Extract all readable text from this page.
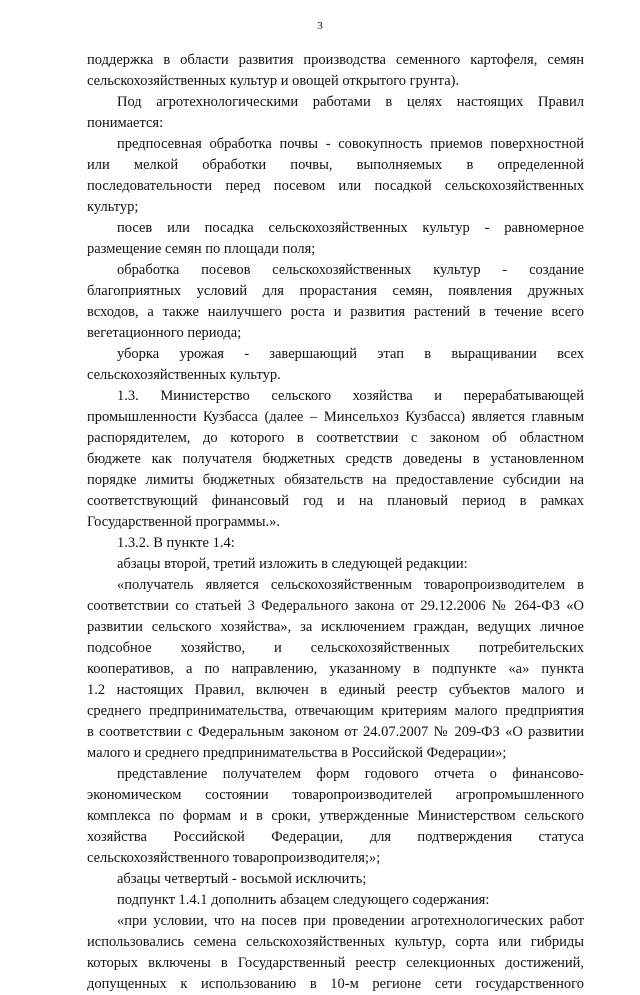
3
поддержка в области развития производства семенного картофеля, семян
сельскохозяйственных культур и овощей открытого грунта).
Под агротехнологическими работами в целях настоящих Правил
понимается:
предпосевная обработка почвы - совокупность приемов поверхностной
или мелкой обработки почвы, выполняемых в определенной
последовательности перед посевом или посадкой сельскохозяйственных
культур;
посев или посадка сельскохозяйственных культур - равномерное
размещение семян по площади поля;
обработка посевов сельскохозяйственных культур - создание
благоприятных условий для прорастания семян, появления дружных
всходов, а также наилучшего роста и развития растений в течение всего
вегетационного периода;
уборка урожая - завершающий этап в выращивании всех
сельскохозяйственных культур.
1.3. Министерство сельского хозяйства и перерабатывающей
промышленности Кузбасса (далее – Минсельхоз Кузбасса) является главным
распорядителем, до которого в соответствии с законом об областном
бюджете как получателя бюджетных средств доведены в установленном
порядке лимиты бюджетных обязательств на предоставление субсидии на
соответствующий финансовый год и на плановый период в рамках
Государственной программы.».
1.3.2. В пункте 1.4:
абзацы второй, третий изложить в следующей редакции:
«получатель является сельскохозяйственным товаропроизводителем в
соответствии со статьей 3 Федерального закона от 29.12.2006 № 264-ФЗ «О
развитии сельского хозяйства», за исключением граждан, ведущих личное
подсобное хозяйство, и сельскохозяйственных потребительских
кооперативов, а по направлению, указанному в подпункте «а» пункта
1.2 настоящих Правил, включен в единый реестр субъектов малого и
среднего предпринимательства, отвечающим критериям малого предприятия
в соответствии с Федеральным законом от 24.07.2007 № 209-ФЗ «О развитии
малого и среднего предпринимательства в Российской Федерации»;
представление получателем форм годового отчета о финансово-
экономическом состоянии товаропроизводителей агропромышленного
комплекса по формам и в сроки, утвержденные Министерством сельского
хозяйства Российской Федерации, для подтверждения статуса
сельскохозяйственного товаропроизводителя;»;
абзацы четвертый - восьмой исключить;
подпункт 1.4.1 дополнить абзацем следующего содержания:
«при условии, что на посев при проведении агротехнологических работ
использовались семена сельскохозяйственных культур, сорта или гибриды
которых включены в Государственный реестр селекционных достижений,
допущенных к использованию в 10-м регионе сети государственного
